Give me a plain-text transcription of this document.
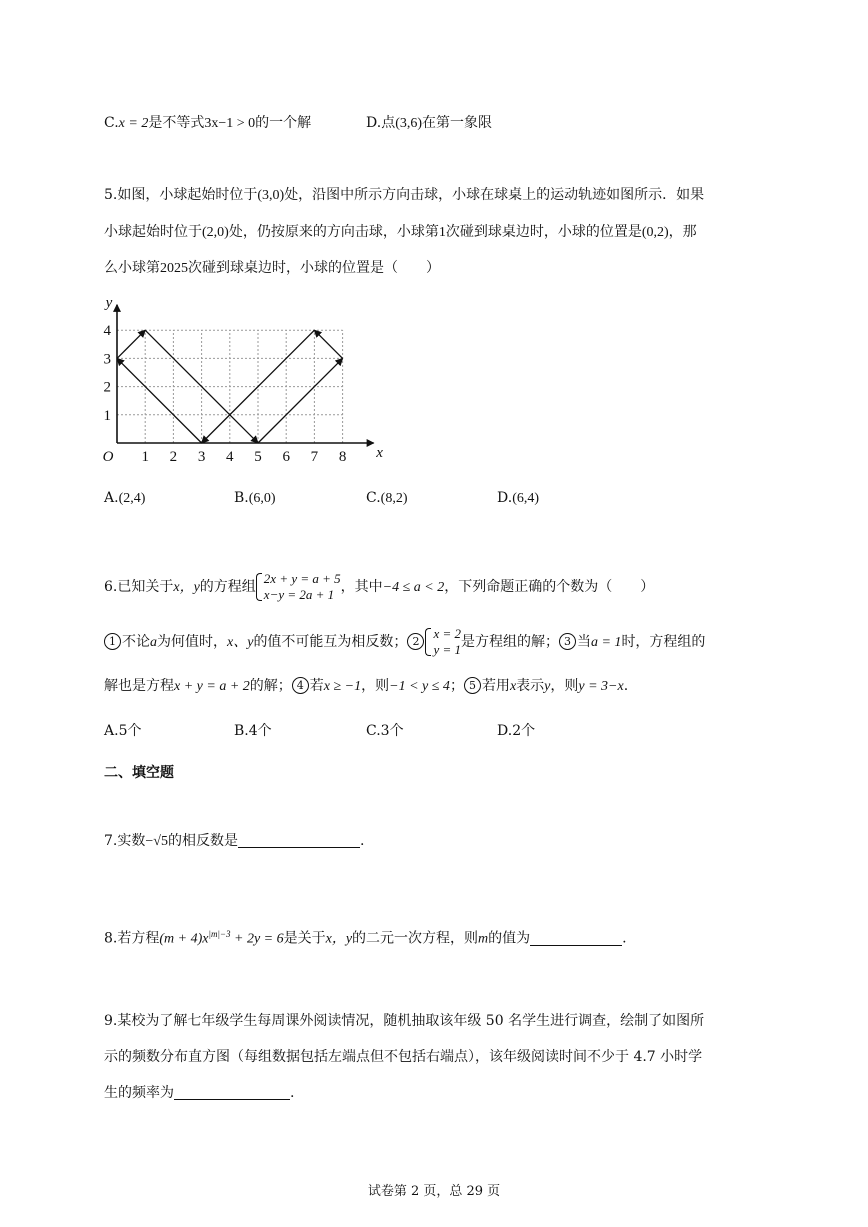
C.x = 2是不等式3x−1 > 0的一个解	D.点(3,6)在第一象限
5.如图，小球起始时位于(3,0)处，沿图中所示方向击球，小球在球桌上的运动轨迹如图所示．如果
小球起始时位于(2,0)处，仍按原来的方向击球，小球第1次碰到球桌边时，小球的位置是(0,2)，那
么小球第2025次碰到球桌边时，小球的位置是（　　）
1 2 3 4 5 6 7 8
1
2
3
4
O	x
y
A.(2,4)	B.(6,0)	C.(8,2)	D.(6,4)
6.已知关于x，y的方程组
2x + y = a + 5
x−y = 2a + 1 ，其中−4 ≤ a < 2，下列命题正确的个数为（　　）
1 不论a为何值时，x、y的值不可能互为相反数； 2
x = 2
y = 1 是方程组的解； 3 当a = 1时，方程组的
解也是方程x + y = a + 2的解； 4 若x ≥ −1，则−1 < y ≤ 4； 5 若用x表示y，则y = 3−x.
A.5个	B.4个	C.3个	D.2个
二、填空题
7.实数−√5的相反数是	.
8.若方程$(m + 4)x^{|m|-3} + 2y = 6$是关于x，y的二元一次方程，则m的值为	.
9.某校为了解七年级学生每周课外阅读情况，随机抽取该年级 50 名学生进行调查，绘制了如图所
示的频数分布直方图（每组数据包括左端点但不包括右端点），该年级阅读时间不少于 4.7 小时学
生的频率为	.
试卷第 2 页，总 29 页
